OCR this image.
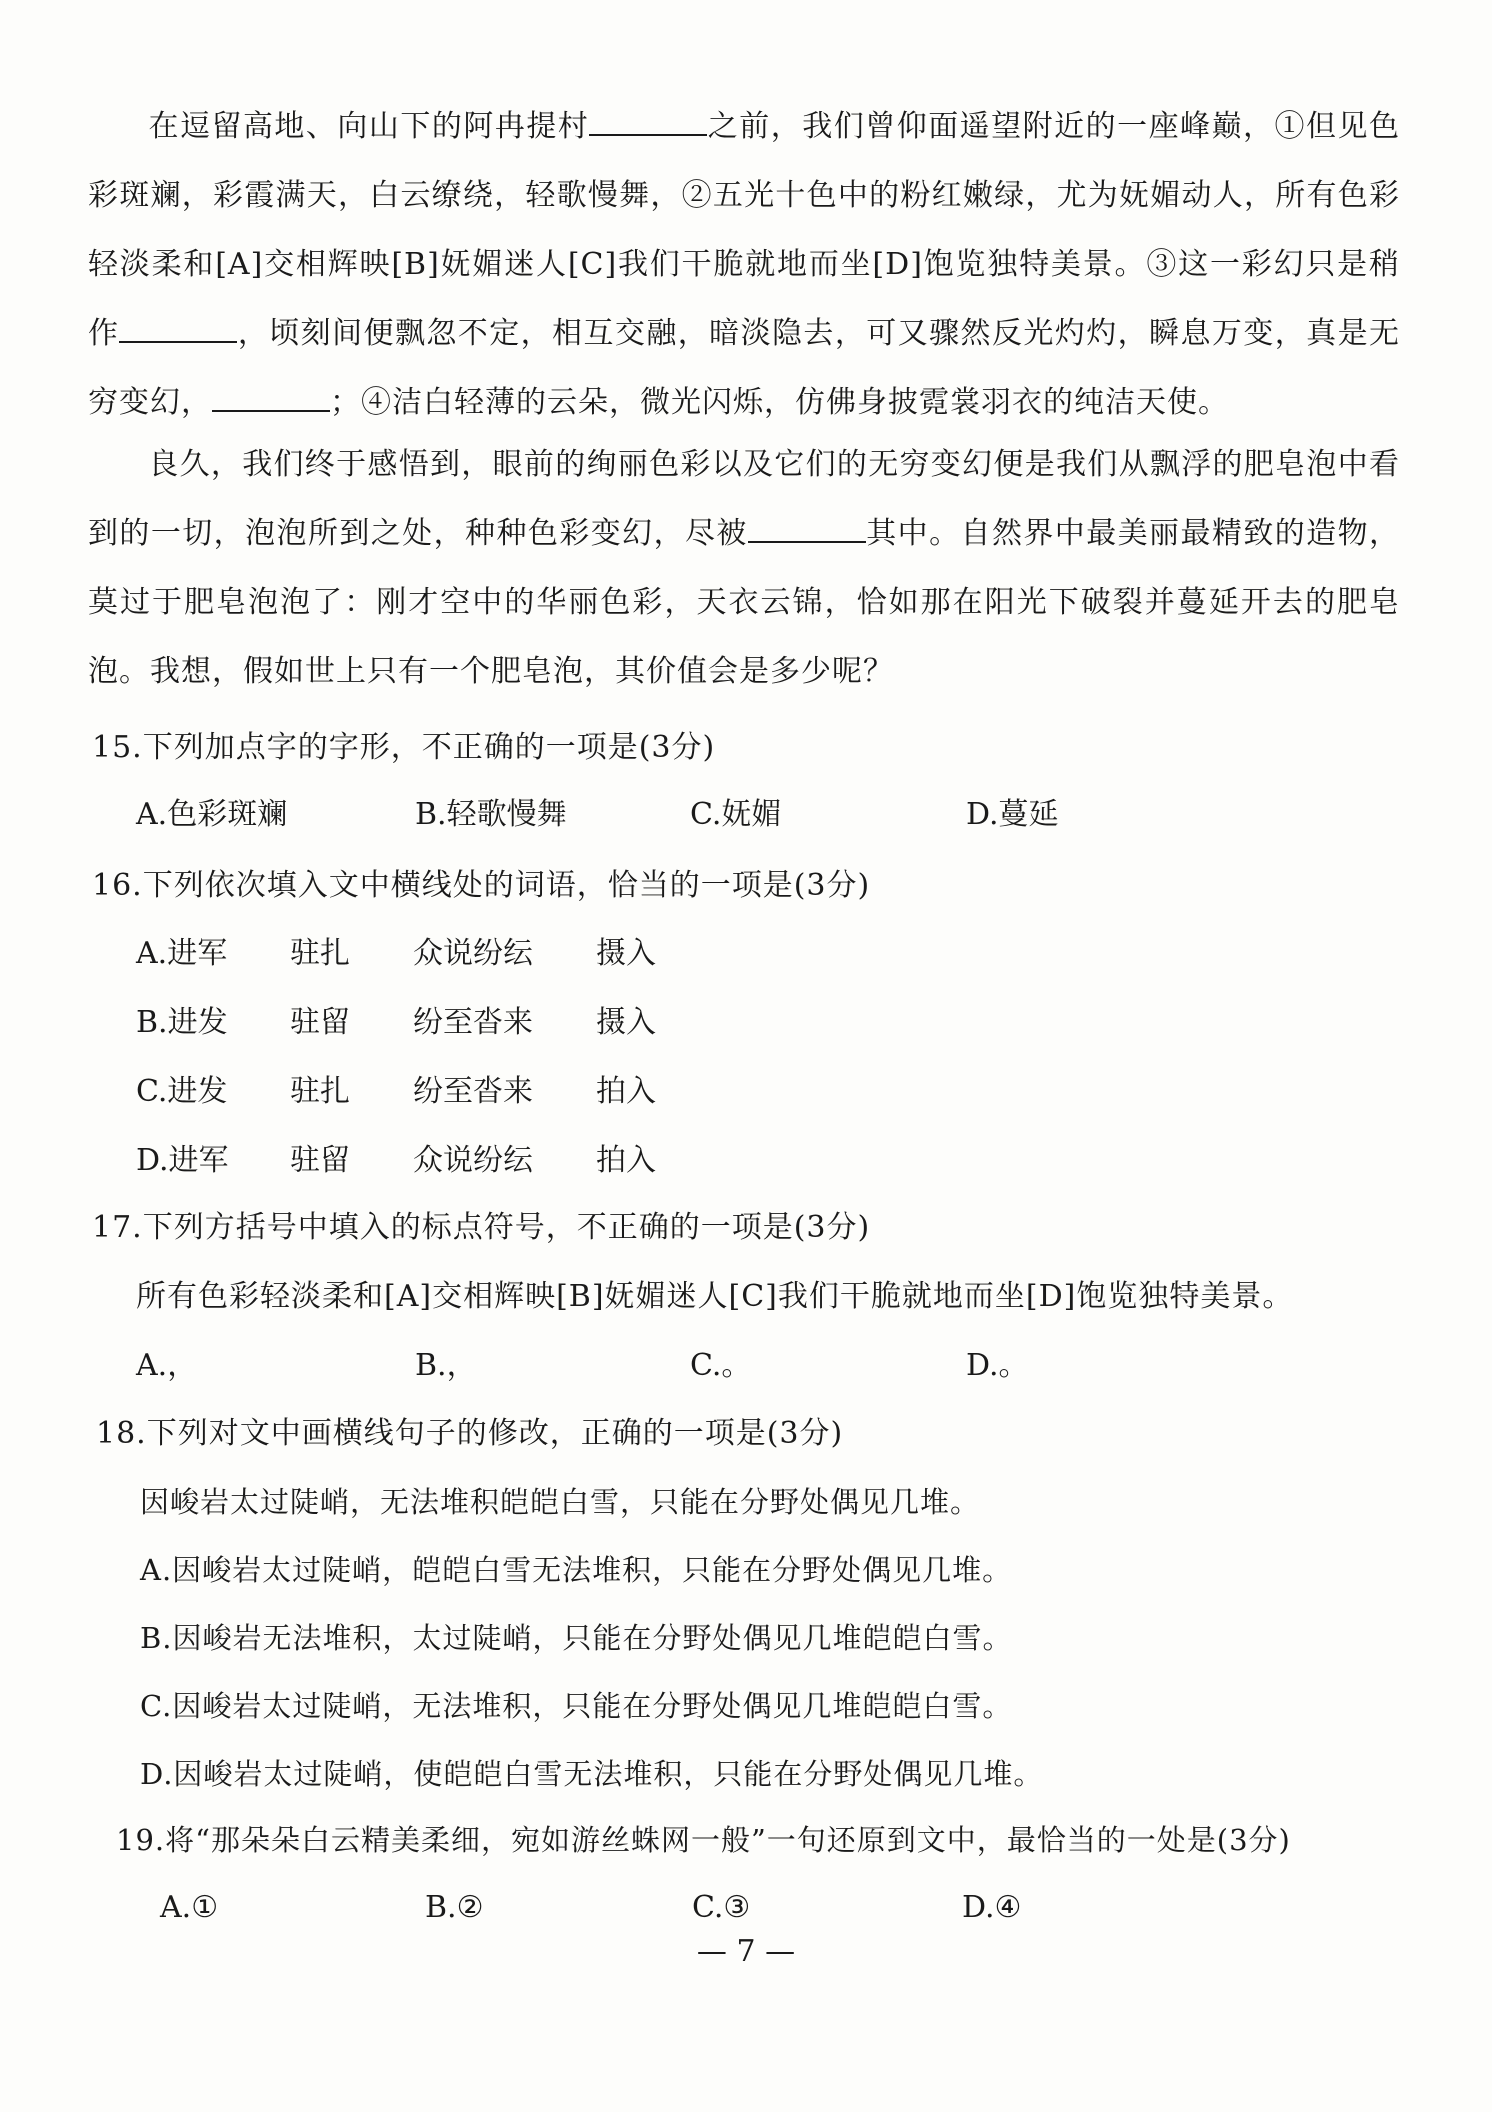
在逗留高地、向山下的阿冉提村	之前，我们曾仰面遥望附近的一座峰巅，①但见色彩斑斓，彩霞满天，白云缭绕，轻歌慢舞，②五光十色中的粉红嫩绿，尤为妩媚动人，所有色彩轻淡柔和[A]交相辉映[B]妩媚迷人[C]我们干脆就地而坐[D]饱览独特美景。③这一彩幻只是稍作	，顷刻间便飘忽不定，相互交融，暗淡隐去，可又骤然反光灼灼，瞬息万变，真是无穷变幻，	；④洁白轻薄的云朵，微光闪烁，仿佛身披霓裳羽衣的纯洁天使。

良久，我们终于感悟到，眼前的绚丽色彩以及它们的无穷变幻便是我们从飘浮的肥皂泡中看到的一切，泡泡所到之处，种种色彩变幻，尽被	其中。自然界中最美丽最精致的造物，莫过于肥皂泡泡了：刚才空中的华丽色彩，天衣云锦，恰如那在阳光下破裂并蔓延开去的肥皂泡。我想，假如世上只有一个肥皂泡，其价值会是多少呢？

15.下列加点字的字形，不正确的一项是(3分)
A.色彩斑斓	B.轻歌慢舞	C.妩媚	D.蔓延
16.下列依次填入文中横线处的词语，恰当的一项是(3分)
A.进军 驻扎 众说纷纭 摄入
B.进发 驻留 纷至沓来 摄入
C.进发 驻扎 纷至沓来 拍入
D.进军 驻留 众说纷纭 拍入
17.下列方括号中填入的标点符号，不正确的一项是(3分)
所有色彩轻淡柔和[A]交相辉映[B]妩媚迷人[C]我们干脆就地而坐[D]饱览独特美景。
A.，	B.，	C.。	D.。
18.下列对文中画横线句子的修改，正确的一项是(3分)
因峻岩太过陡峭，无法堆积皑皑白雪，只能在分野处偶见几堆。
A.因峻岩太过陡峭，皑皑白雪无法堆积，只能在分野处偶见几堆。
B.因峻岩无法堆积，太过陡峭，只能在分野处偶见几堆皑皑白雪。
C.因峻岩太过陡峭，无法堆积，只能在分野处偶见几堆皑皑白雪。
D.因峻岩太过陡峭，使皑皑白雪无法堆积，只能在分野处偶见几堆。
19.将“那朵朵白云精美柔细，宛如游丝蛛网一般”一句还原到文中，最恰当的一处是(3分)
A.①	B.②	C.③	D.④
— 7 —
